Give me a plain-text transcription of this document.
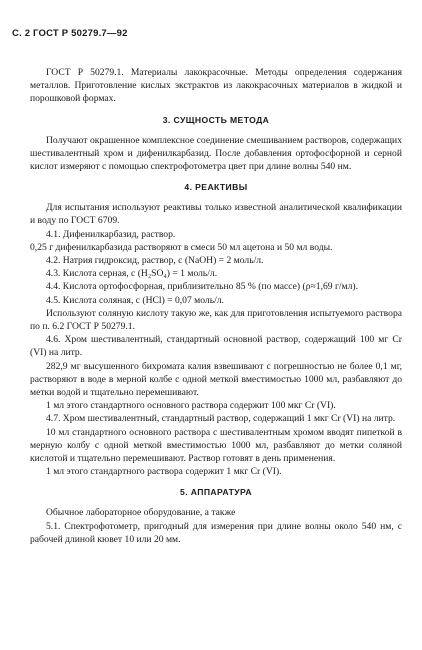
С. 2 ГОСТ Р 50279.7—92

ГОСТ Р 50279.1. Материалы лакокрасочные. Методы определения содержания металлов. Приготовление кислых экстрактов из лакокрасочных материалов в жидкой и порошковой формах.

3. СУЩНОСТЬ МЕТОДА

Получают окрашенное комплексное соединение смешиванием растворов, содержащих шестивалентный хром и дифенилкарбазид. После добавления ортофосфорной и серной кислот измеряют с помощью спектрофотометра цвет при длине волны 540 нм.

4. РЕАКТИВЫ

Для испытания используют реактивы только известной аналитической квалификации и воду по ГОСТ 6709.

4.1. Дифенилкарбазид, раствор.

0,25 г дифенилкарбазида растворяют в смеси 50 мл ацетона и 50 мл воды.

4.2. Натрия гидроксид, раствор, c (NaOH) = 2 моль/л.

4.3. Кислота серная, c (H₂SO₄) = 1 моль/л.

4.4. Кислота ортофосфорная, приблизительно 85 % (по массе) (ρ≈1,69 г/мл).

4.5. Кислота соляная, c (HCl) = 0,07 моль/л.

Используют соляную кислоту такую же, как для приготовления испытуемого раствора по п. 6.2 ГОСТ Р 50279.1.

4.6. Хром шестивалентный, стандартный основной раствор, содержащий 100 мг Cr (VI) на литр.

282,9 мг высушенного бихромата калия взвешивают с погрешностью не более 0,1 мг, растворяют в воде в мерной колбе с одной меткой вместимостью 1000 мл, разбавляют до метки водой и тщательно перемешивают.

1 мл этого стандартного основного раствора содержит 100 мкг Cr (VI).

4.7. Хром шестивалентный, стандартный раствор, содержащий 1 мкг Cr (VI) на литр.

10 мл стандартного основного раствора с шестивалентным хромом вводят пипеткой в мерную колбу с одной меткой вместимостью 1000 мл, разбавляют до метки соляной кислотой и тщательно перемешивают. Раствор готовят в день применения.

1 мл этого стандартного раствора содержит 1 мкг Cr (VI).

5. АППАРАТУРА

Обычное лабораторное оборудование, а также

5.1. Спектрофотометр, пригодный для измерения при длине волны около 540 нм, с рабочей длиной кювет 10 или 20 мм.
